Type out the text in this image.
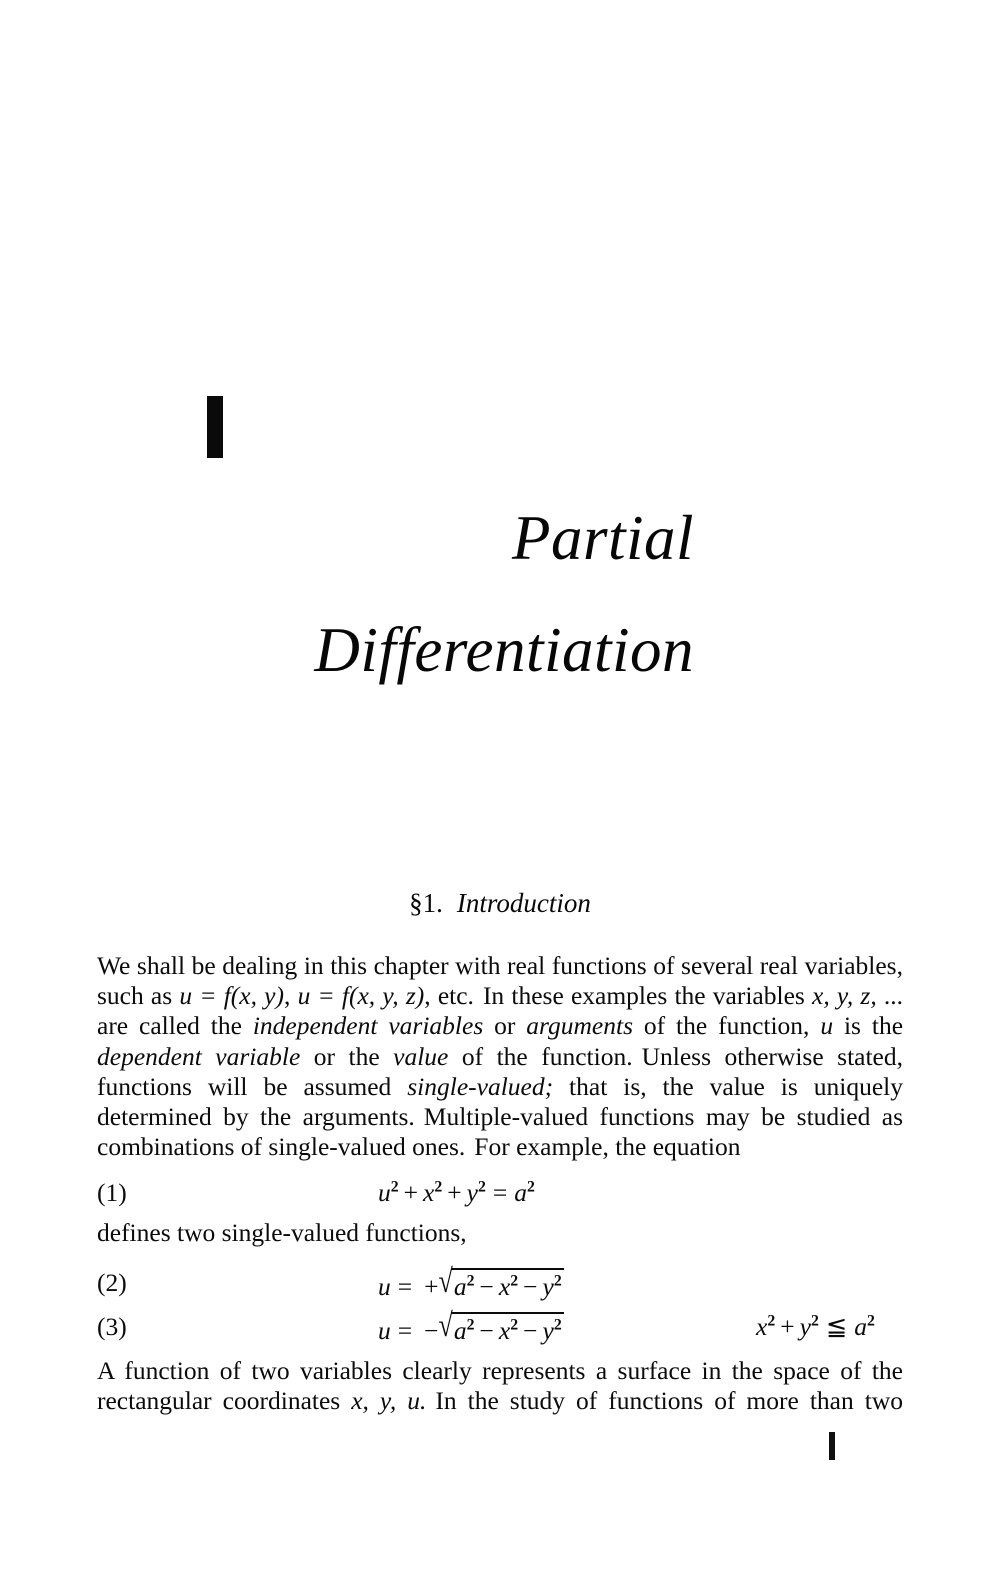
Partial
Differentiation
§1. Introduction

We shall be dealing in this chapter with real functions of several real variables, such as u = f(x, y), u = f(x, y, z), etc. In these examples the variables x, y, z, ... are called the independent variables or arguments of the function, u is the dependent variable or the value of the function. Unless otherwise stated, functions will be assumed single-valued; that is, the value is uniquely determined by the arguments. Multiple-valued functions may be studied as combinations of single-valued ones. For example, the equation

(1)	$u^2 + x^2 + y^2 = a^2$

defines two single-valued functions,

(2)	$u = +√a^2 - x^2 - y^2$
(3)	$u = -√a^2 - x^2 - y^2$	$x^2 + y^2$ ≦ $a^2$

A function of two variables clearly represents a surface in the space of the rectangular coordinates x, y, u. In the study of functions of more than two
